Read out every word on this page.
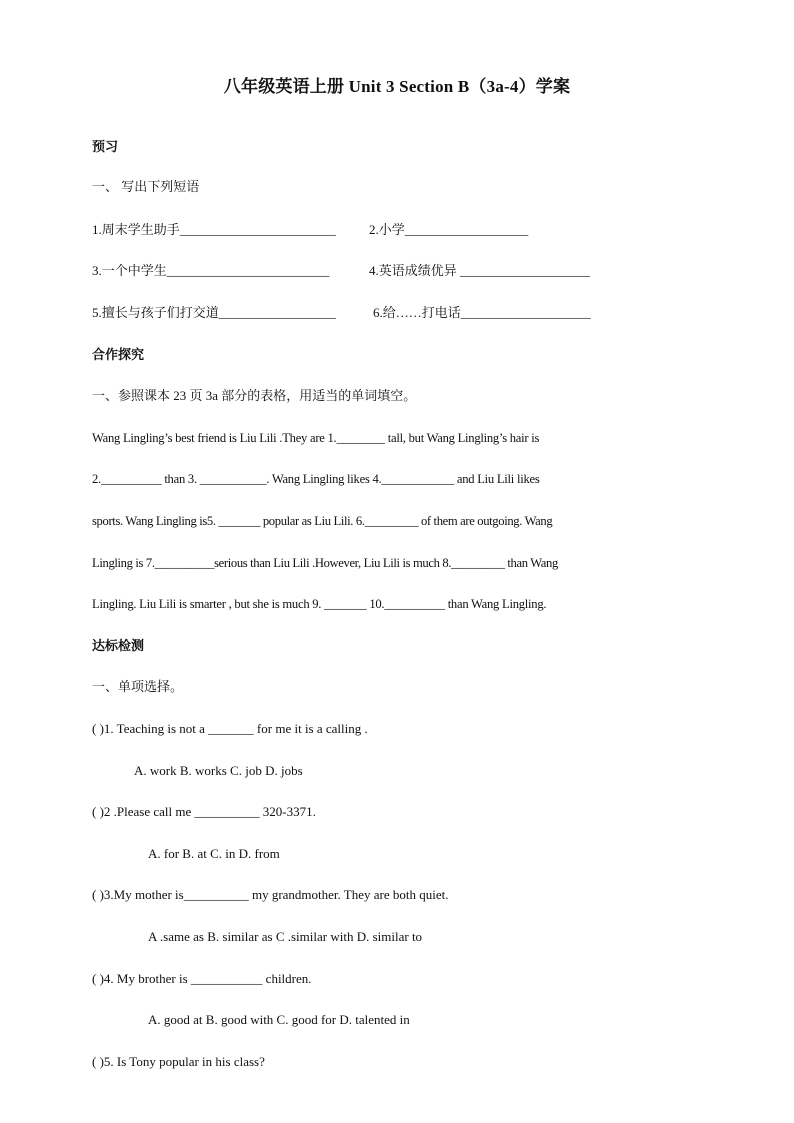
八年级英语上册 Unit 3 Section B（3a-4）学案
预习
一、 写出下列短语
1.周末学生助手________________________	2.小学___________________
3.一个中学生_________________________	4.英语成绩优异 ____________________
5.擅长与孩子们打交道__________________	6.给……打电话____________________
合作探究
一、参照课本 23 页 3a 部分的表格，用适当的单词填空。
Wang Lingling’s best friend is Liu Lili .They are 1.________ tall, but Wang Lingling’s hair is
2.__________ than 3. ___________. Wang Lingling likes 4.____________ and Liu Lili likes
sports. Wang Lingling is5. _______ popular as Liu Lili. 6._________ of them are outgoing. Wang
Lingling is 7.__________serious than Liu Lili .However, Liu Lili is much 8._________ than Wang
Lingling. Liu Lili is smarter , but she is much 9. _______ 10.__________ than Wang Lingling.
达标检测
一、单项选择。
( )1. Teaching is not a _______ for me it is a calling .
A. work B. works C. job D. jobs
( )2 .Please call me __________ 320-3371.
A. for B. at C. in D. from
( )3.My mother is__________ my grandmother. They are both quiet.
A .same as B. similar as C .similar with D. similar to
( )4. My brother is ___________ children.
A. good at B. good with C. good for D. talented in
( )5. Is Tony popular in his class?
